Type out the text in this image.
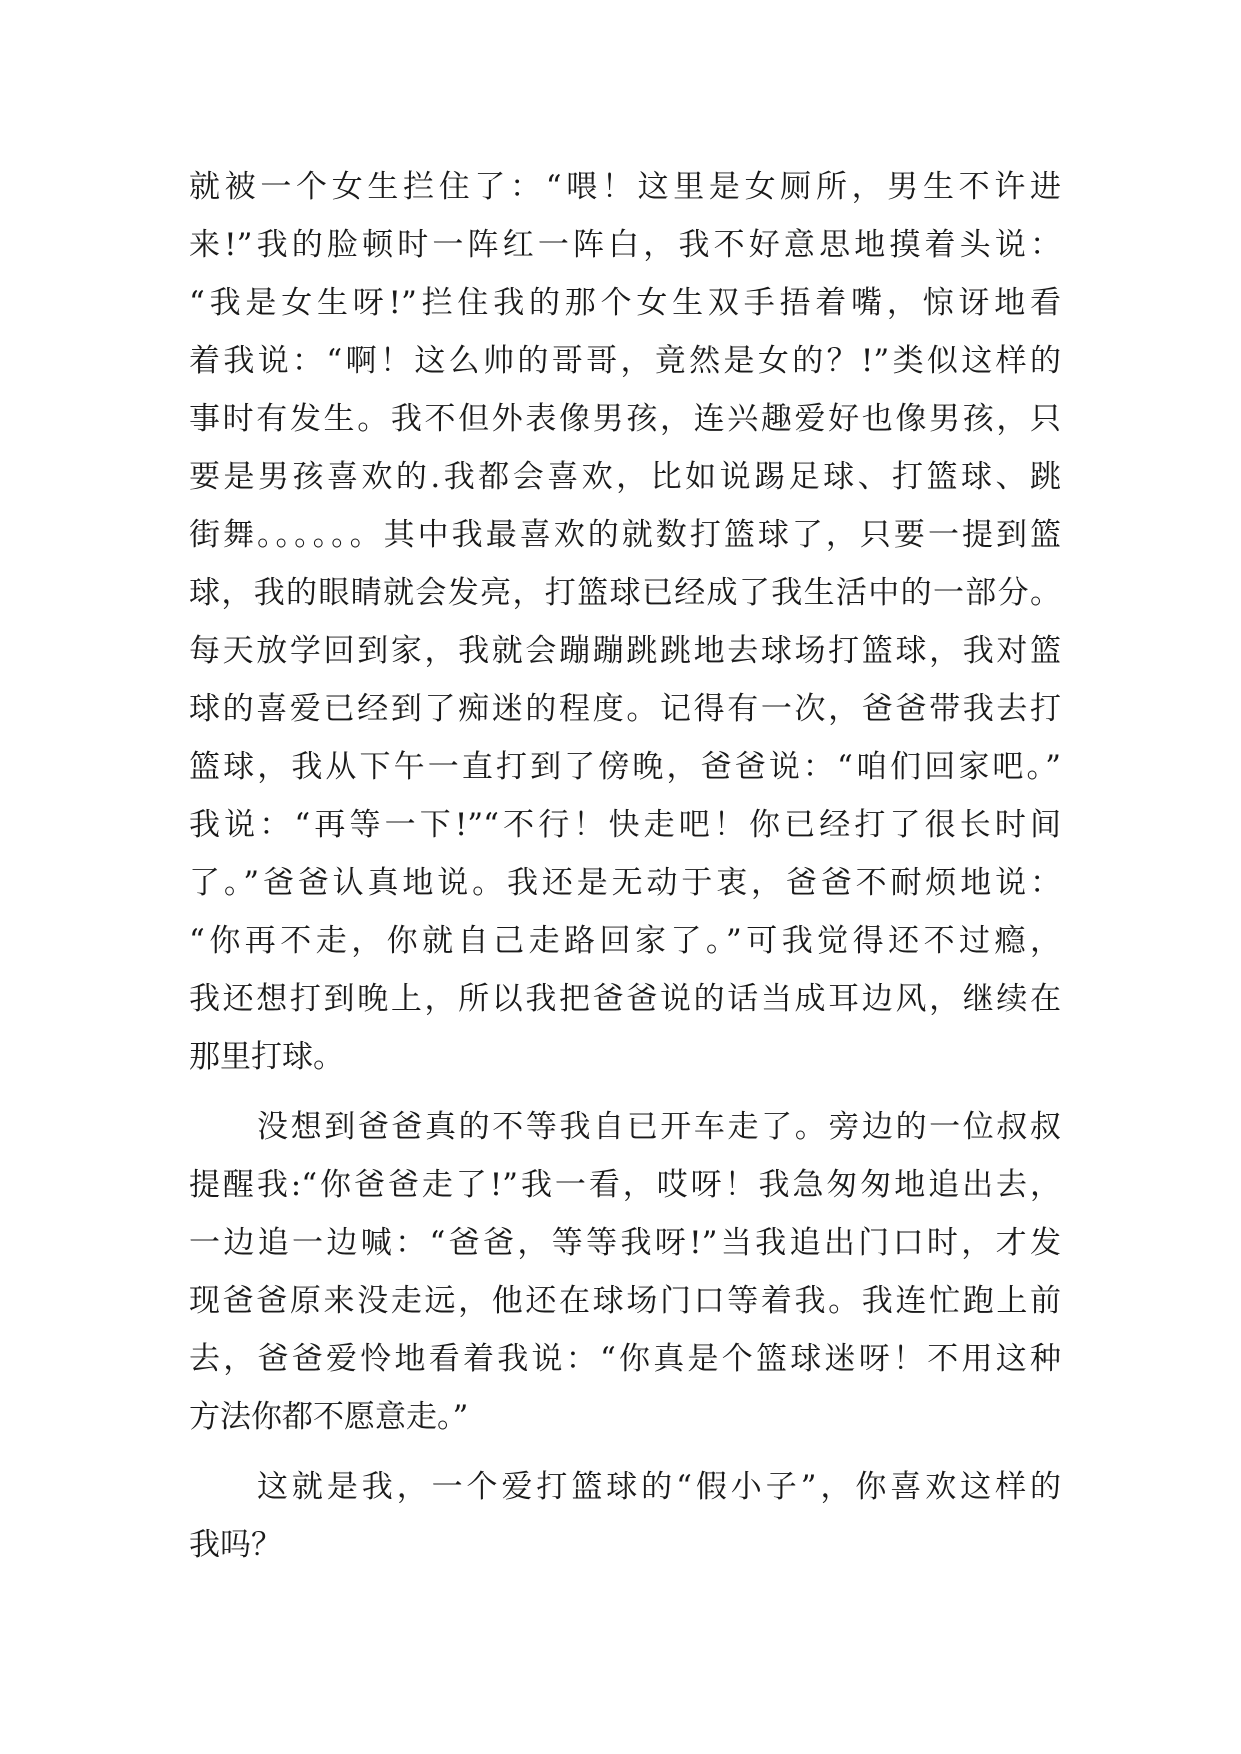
就被一个女生拦住了：“喂！这里是女厕所，男生不许进
来!”我的脸顿时一阵红一阵白，我不好意思地摸着头说：
“我是女生呀!”拦住我的那个女生双手捂着嘴，惊讶地看
着我说：“啊！这么帅的哥哥，竟然是女的？!”类似这样的
事时有发生。我不但外表像男孩，连兴趣爱好也像男孩，只
要是男孩喜欢的.我都会喜欢，比如说踢足球、打篮球、跳
街舞。。。。。。其中我最喜欢的就数打篮球了，只要一提到篮
球，我的眼睛就会发亮，打篮球已经成了我生活中的一部分。
每天放学回到家，我就会蹦蹦跳跳地去球场打篮球，我对篮
球的喜爱已经到了痴迷的程度。记得有一次，爸爸带我去打
篮球，我从下午一直打到了傍晚，爸爸说：“咱们回家吧。”
我说：“再等一下!”“不行！快走吧！你已经打了很长时间
了。”爸爸认真地说。我还是无动于衷，爸爸不耐烦地说：
“你再不走，你就自己走路回家了。”可我觉得还不过瘾，
我还想打到晚上，所以我把爸爸说的话当成耳边风，继续在
那里打球。
没想到爸爸真的不等我自已开车走了。旁边的一位叔叔
提醒我:“你爸爸走了!”我一看，哎呀！我急匆匆地追出去，
一边追一边喊：“爸爸，等等我呀!”当我追出门口时，才发
现爸爸原来没走远，他还在球场门口等着我。我连忙跑上前
去，爸爸爱怜地看着我说：“你真是个篮球迷呀！不用这种
方法你都不愿意走。”
这就是我，一个爱打篮球的“假小子”，你喜欢这样的
我吗？
